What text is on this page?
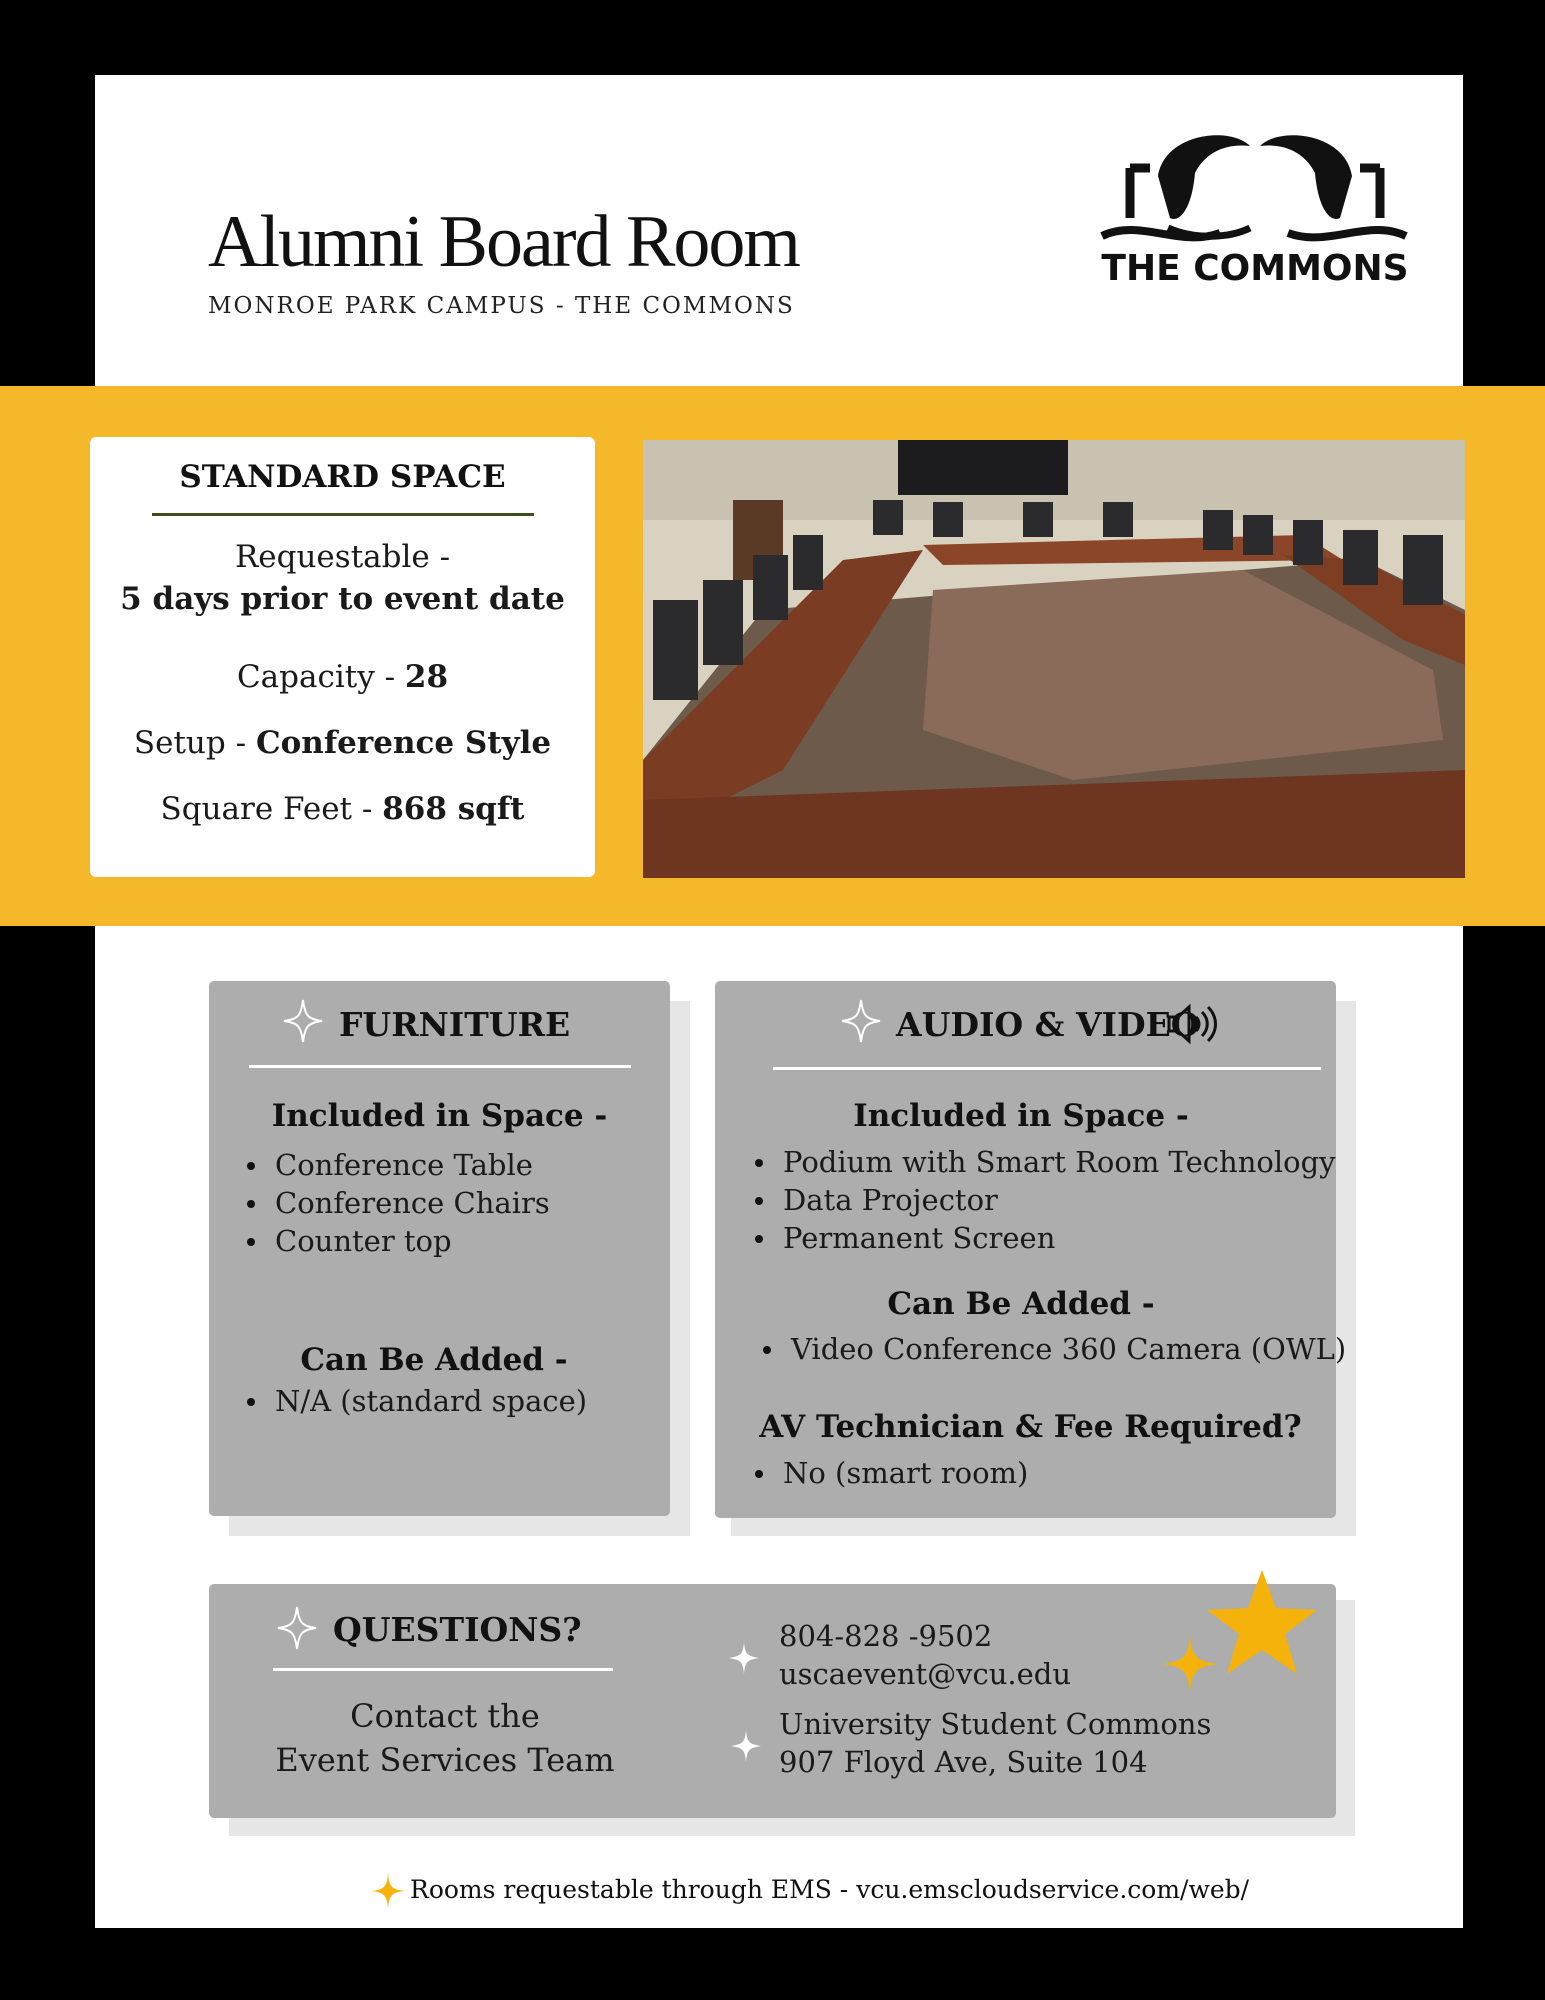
Alumni Board Room
MONROE PARK CAMPUS - THE COMMONS
THE COMMONS
STANDARD SPACE
Requestable -
5 days prior to event date
Capacity - 28
Setup - Conference Style
Square Feet - 868 sqft
FURNITURE
Included in Space -
Conference Table
Conference Chairs
Counter top
Can Be Added -
N/A (standard space)
AUDIO & VIDEO
Included in Space -
Podium with Smart Room Technology
Data Projector
Permanent Screen
Can Be Added -
Video Conference 360 Camera (OWL)
AV Technician & Fee Required?
No (smart room)
QUESTIONS?
Contact the
Event Services Team
804-828 -9502
uscaevent@vcu.edu
University Student Commons
907 Floyd Ave, Suite 104
Rooms requestable through EMS - vcu.emscloudservice.com/web/
